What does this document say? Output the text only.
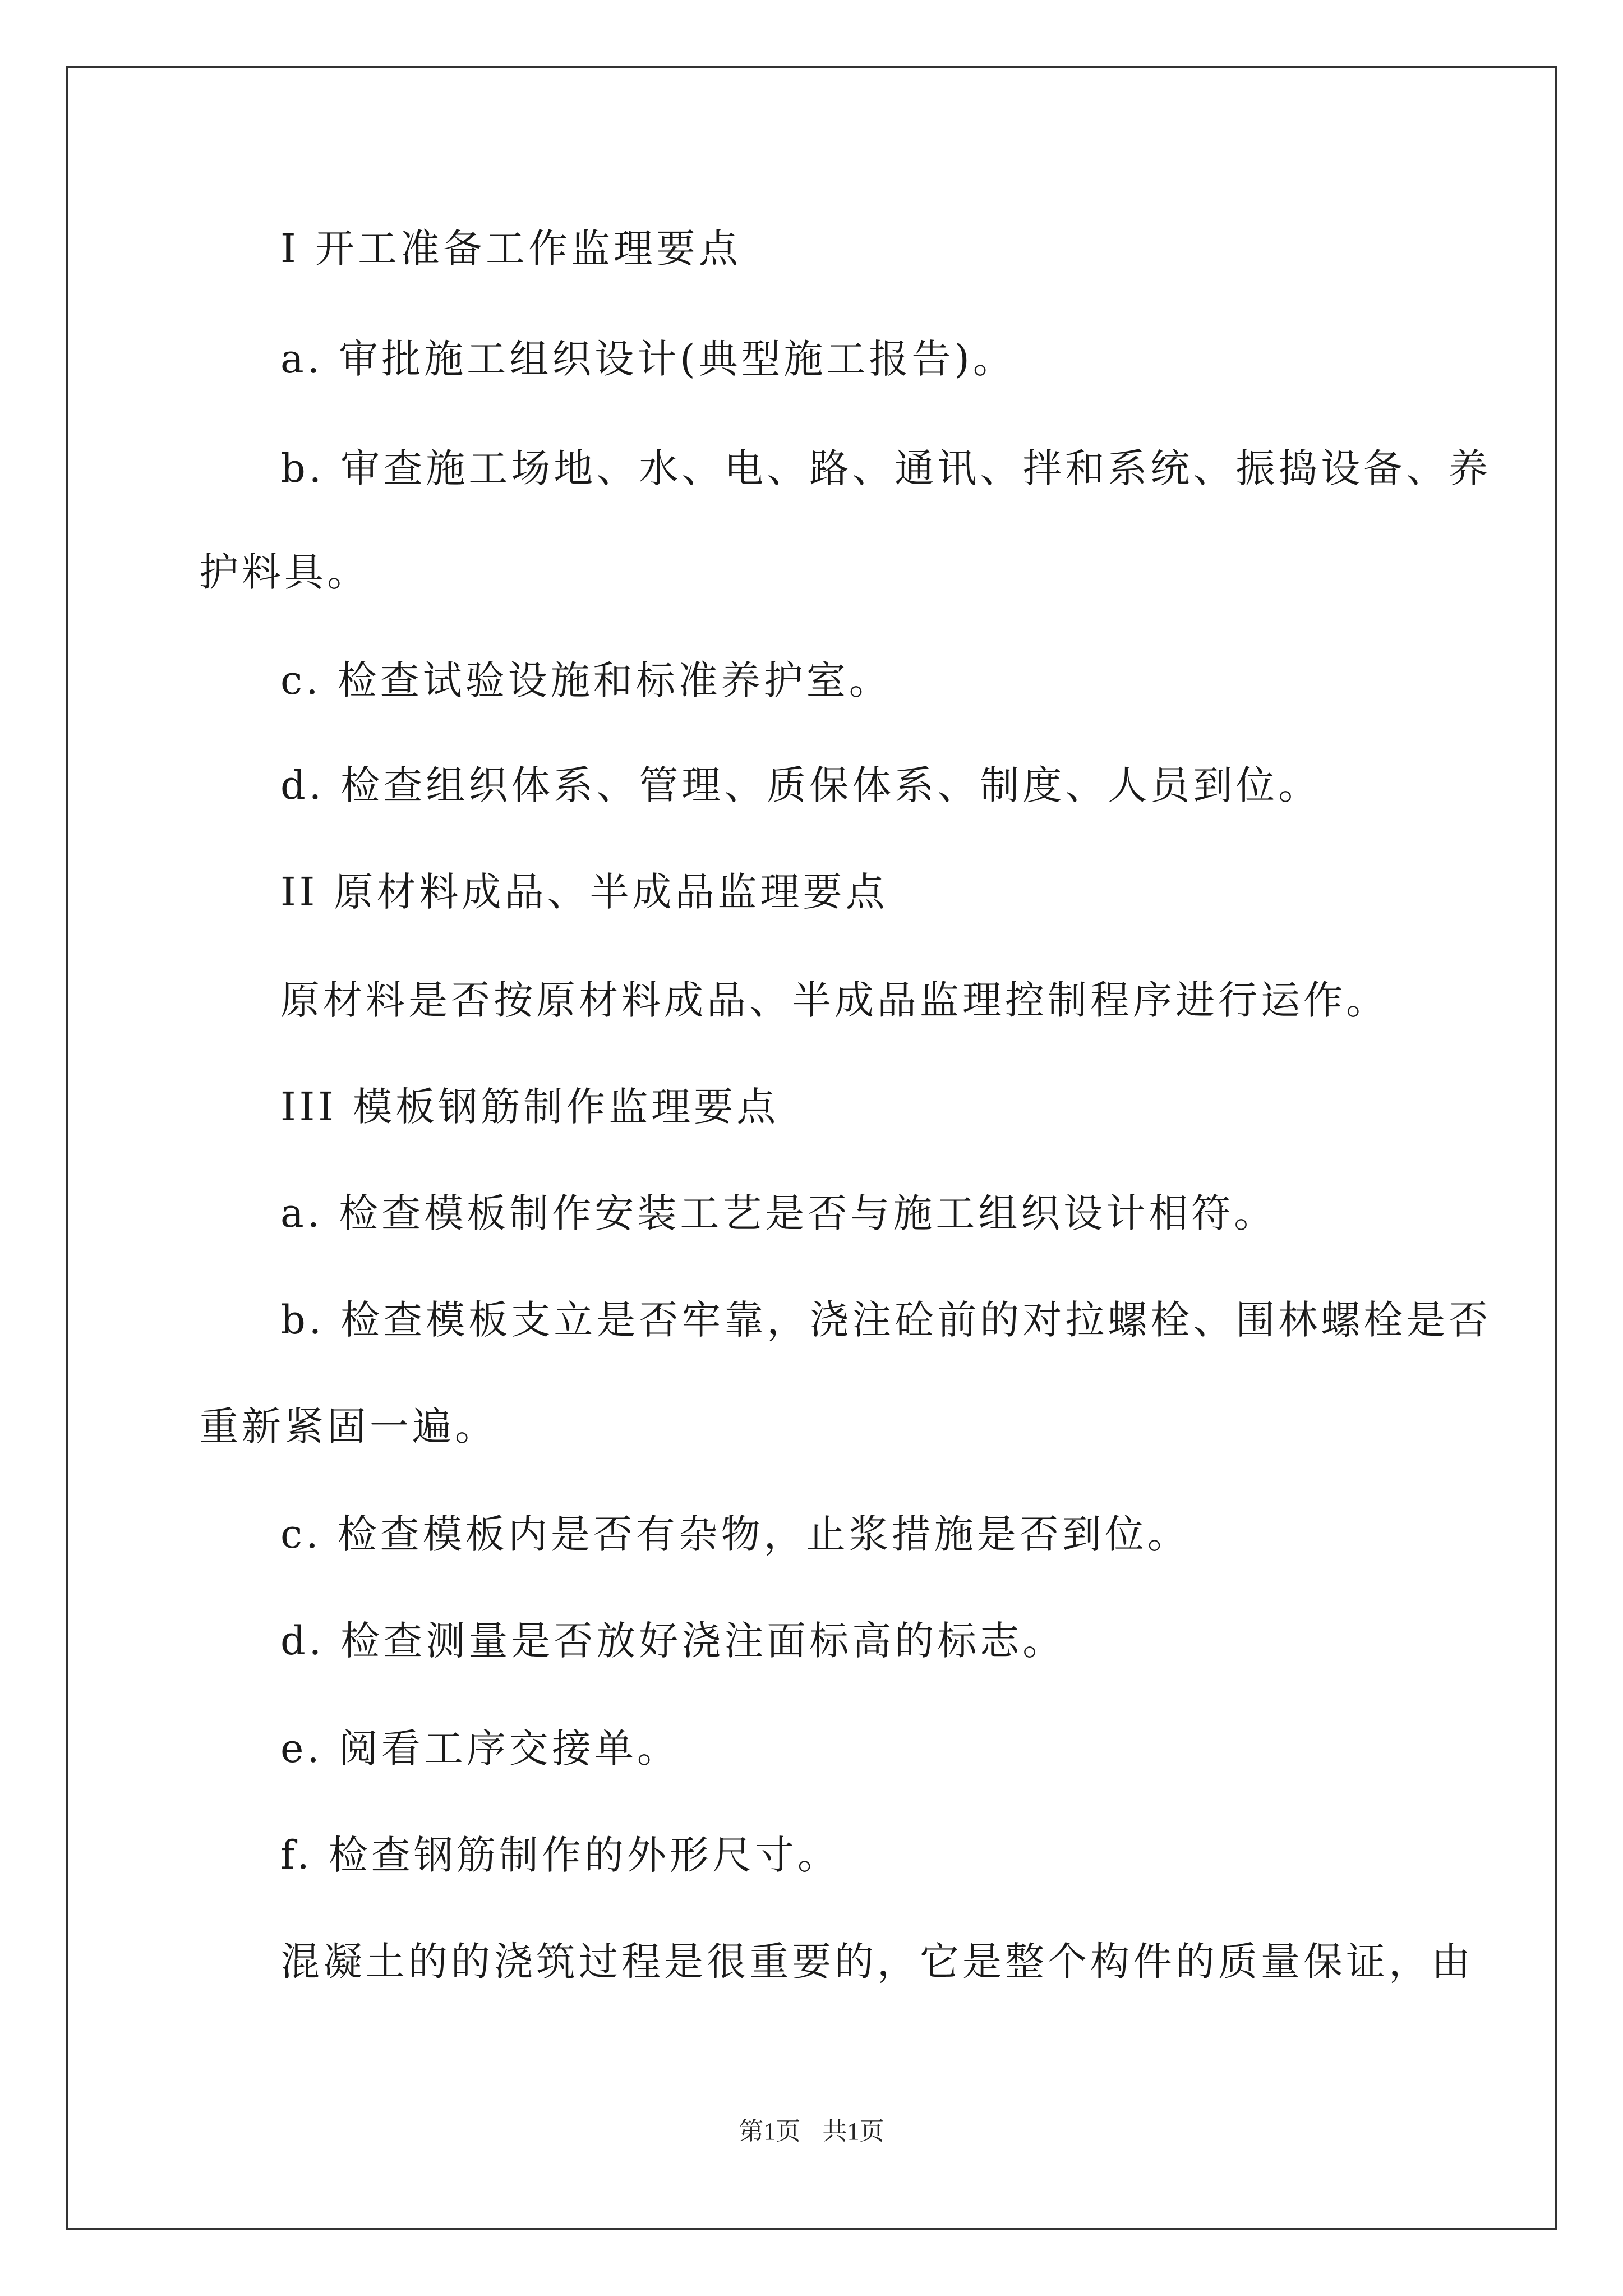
I 开工准备工作监理要点

a. 审批施工组织设计(典型施工报告)。

b. 审查施工场地、水、电、路、通讯、拌和系统、振捣设备、养

护料具。

c. 检查试验设施和标准养护室。

d. 检查组织体系、管理、质保体系、制度、人员到位。

II 原材料成品、半成品监理要点

原材料是否按原材料成品、半成品监理控制程序进行运作。

III 模板钢筋制作监理要点

a. 检查模板制作安装工艺是否与施工组织设计相符。

b. 检查模板支立是否牢靠，浇注砼前的对拉螺栓、围林螺栓是否

重新紧固一遍。

c. 检查模板内是否有杂物，止浆措施是否到位。

d. 检查测量是否放好浇注面标高的标志。

e. 阅看工序交接单。

f. 检查钢筋制作的外形尺寸。

混凝土的的浇筑过程是很重要的，它是整个构件的质量保证，由

第1页 共1页
